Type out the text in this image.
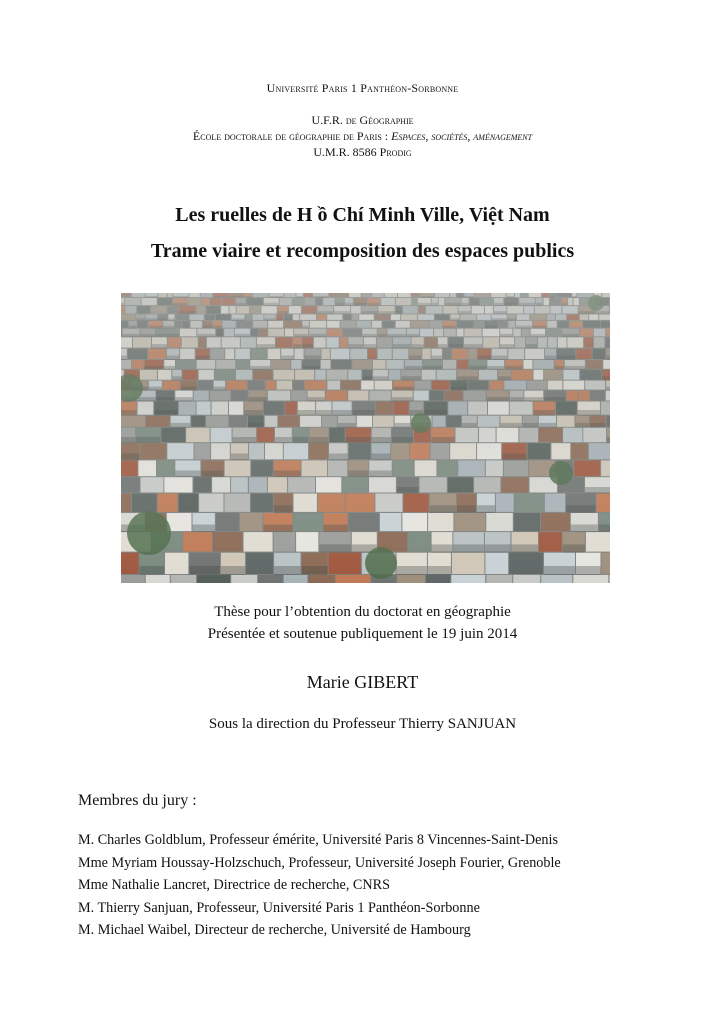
Université Paris 1 Panthéon-Sorbonne
U.F.R. de Géographie
École doctorale de géographie de Paris : Espaces, sociétés, aménagement
U.M.R. 8586 Prodig
Les ruelles de H ồ Chí Minh Ville, Việt Nam
Trame viaire et recomposition des espaces publics
Thèse pour l’obtention du doctorat en géographie
Présentée et soutenue publiquement le 19 juin 2014
Marie GIBERT
Sous la direction du Professeur Thierry SANJUAN
Membres du jury :
M. Charles Goldblum, Professeur émérite, Université Paris 8 Vincennes-Saint-Denis
Mme Myriam Houssay-Holzschuch, Professeur, Université Joseph Fourier, Grenoble
Mme Nathalie Lancret, Directrice de recherche, CNRS
M. Thierry Sanjuan, Professeur, Université Paris 1 Panthéon-Sorbonne
M. Michael Waibel, Directeur de recherche, Université de Hambourg
